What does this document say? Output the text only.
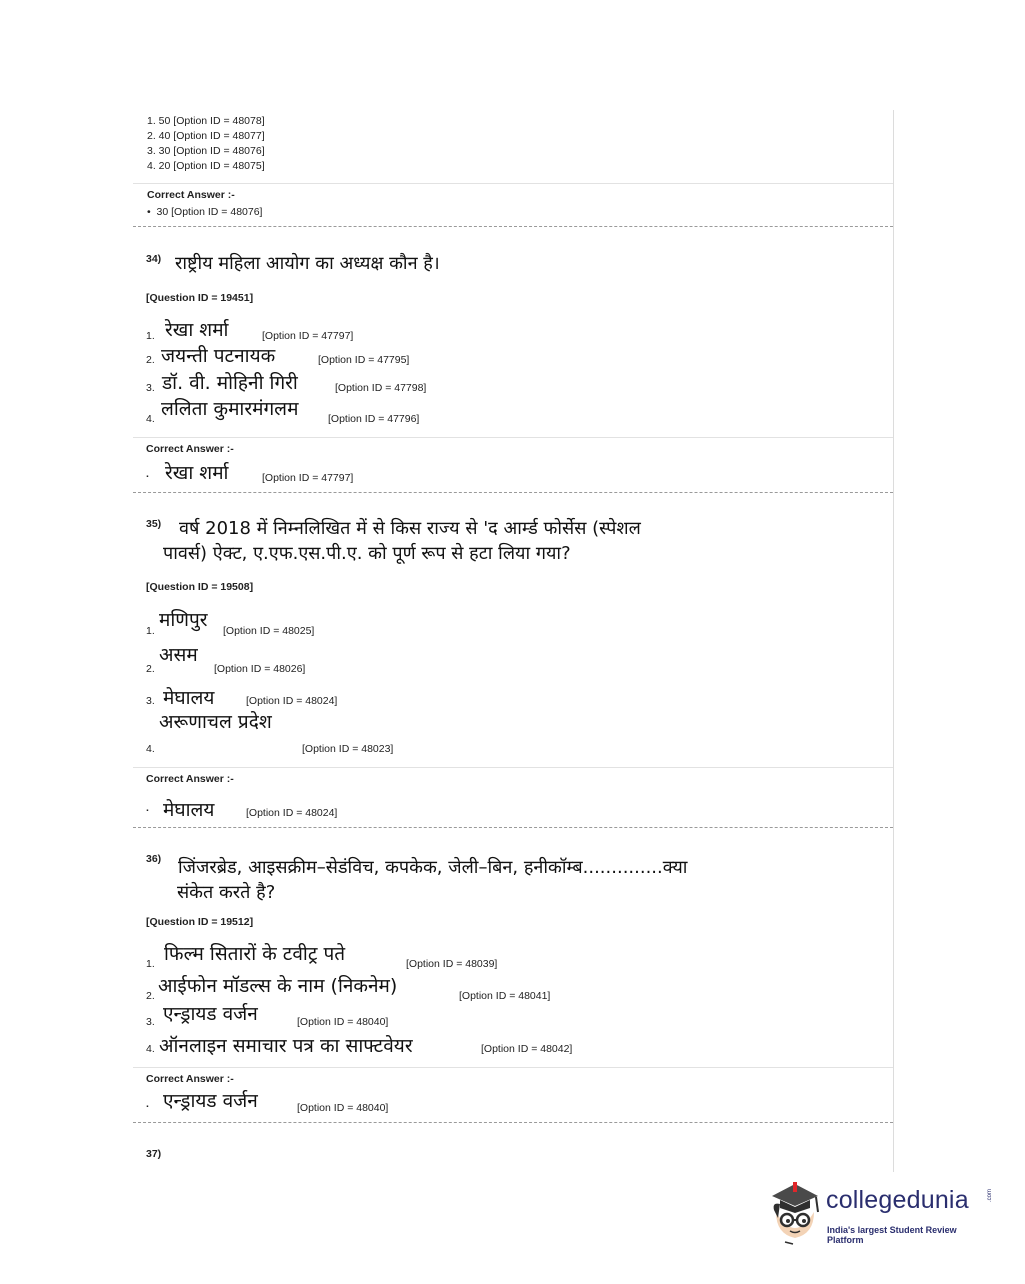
1. 50 [Option ID = 48078]
2. 40 [Option ID = 48077]
3. 30 [Option ID = 48076]
4. 20 [Option ID = 48075]
Correct Answer :-
•  30 [Option ID = 48076]
34) राष्ट्रीय महिला आयोग का अध्यक्ष कौन है।
[Question ID = 19451]
1. रेखा शर्मा	[Option ID = 47797]
2. जयन्ती पटनायक	[Option ID = 47795]
3. डॉ. वी. मोहिनी गिरी	[Option ID = 47798]
4. ललिता कुमारमंगलम	[Option ID = 47796]
Correct Answer :-
. रेखा शर्मा	[Option ID = 47797]
35) वर्ष 2018 में निम्नलिखित में से किस राज्य से 'द आर्म्ड फोर्सेस (स्पेशल
पावर्स) ऐक्ट, ए.एफ.एस.पी.ए. को पूर्ण रूप से हटा लिया गया?
[Question ID = 19508]
1. मणिपुर [Option ID = 48025]
2.
असम
[Option ID = 48026]
3. मेघालय	[Option ID = 48024]
4.
अरूणाचल प्रदेश
[Option ID = 48023]
Correct Answer :-
. मेघालय	[Option ID = 48024]
36) जिंजरब्रेड, आइसक्रीम–सेडंविच, कपकेक, जेली–बिन, हनीकॉम्ब..............क्या
संकेत करते है?
[Question ID = 19512]
1. फिल्म सितारों के टवीट्र पते	[Option ID = 48039]
2. आईफोन मॉडल्स के नाम (निकनेम)	[Option ID = 48041]
3. एन्ड्रायड वर्जन	[Option ID = 48040]
4. ऑनलाइन समाचार पत्र का साफ्टवेयर	[Option ID = 48042]
Correct Answer :-
. एन्ड्रायड वर्जन	[Option ID = 48040]
37)
collegedunia	.com
India's largest Student Review Platform
